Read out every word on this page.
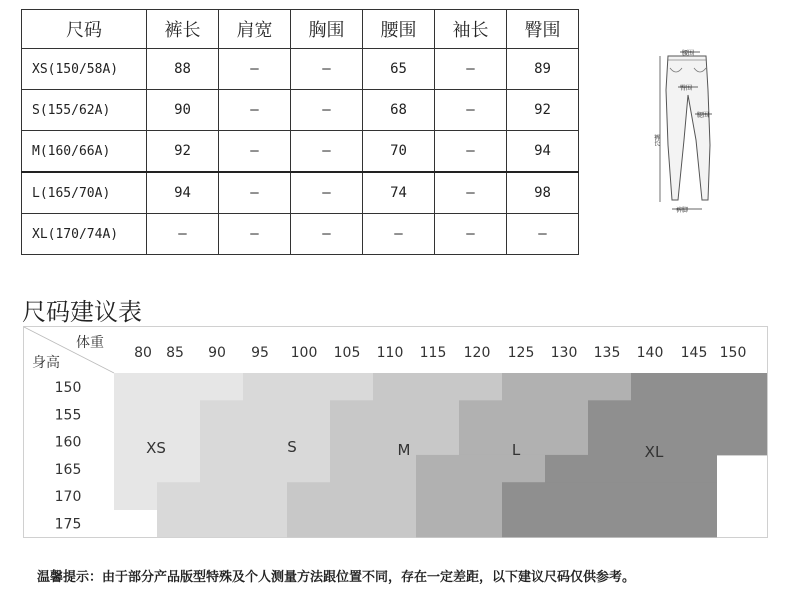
尺码	裤长	肩宽	胸围	腰围	袖长	臀围
XS(150/58A)	88	–	–	65	–	89
S(155/62A)	90	–	–	68	–	92
M(160/66A)	92	–	–	70	–	94
L(165/70A)	94	–	–	74	–	98
XL(170/74A)	–	–	–	–	–	–
腰围
臀围
腿围
裤长
裤脚
尺码建议表
体重
身高
80 85 90 95 100 105 110 115 120 125 130 135 140 145 150
150
155
160
165
170
175
XS	S	M	L	XL
温馨提示：由于部分产品版型特殊及个人测量方法跟位置不同，存在一定差距，以下建议尺码仅供参考。
